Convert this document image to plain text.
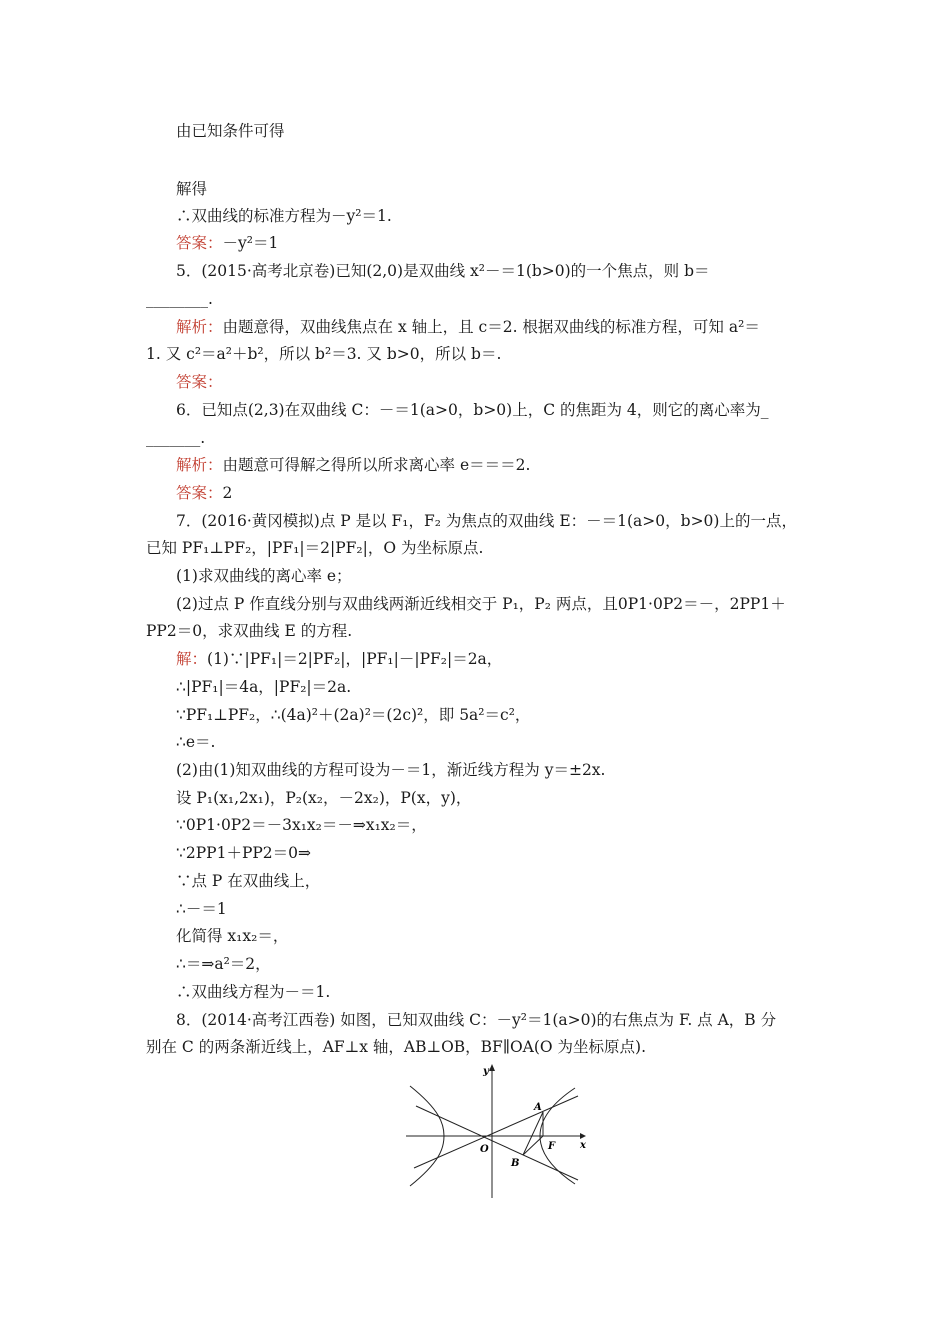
由已知条件可得
解得
∴双曲线的标准方程为－y²＝1.
答案：－y²＝1
5．(2015·高考北京卷)已知(2,0)是双曲线 x²－＝1(b>0)的一个焦点，则 b＝
________.
解析：由题意得，双曲线焦点在 x 轴上，且 c＝2. 根据双曲线的标准方程，可知 a²＝
1. 又 c²＝a²＋b²，所以 b²＝3. 又 b>0，所以 b＝.
答案：
6．已知点(2,3)在双曲线 C：－＝1(a>0，b>0)上，C 的焦距为 4，则它的离心率为_
_______.
解析：由题意可得解之得所以所求离心率 e＝＝＝2.
答案：2
7．(2016·黄冈模拟)点 P 是以 F₁，F₂ 为焦点的双曲线 E：－＝1(a>0，b>0)上的一点，
已知 PF₁⊥PF₂，|PF₁|＝2|PF₂|，O 为坐标原点.
(1)求双曲线的离心率 e；
(2)过点 P 作直线分别与双曲线两渐近线相交于 P₁，P₂ 两点，且0P1·0P2＝－，2PP1＋
PP2＝0，求双曲线 E 的方程.
解：(1)∵|PF₁|＝2|PF₂|，|PF₁|－|PF₂|＝2a，
∴|PF₁|＝4a，|PF₂|＝2a.
∵PF₁⊥PF₂，∴(4a)²＋(2a)²＝(2c)²，即 5a²＝c²，
∴e＝.
(2)由(1)知双曲线的方程可设为－＝1，渐近线方程为 y＝±2x.
设 P₁(x₁,2x₁)，P₂(x₂，－2x₂)，P(x，y)，
∵0P1·0P2＝－3x₁x₂＝－⇒x₁x₂＝，
∵2PP1＋PP2＝0⇒
∵点 P 在双曲线上，
∴－＝1
化简得 x₁x₂＝，
∴＝⇒a²＝2，
∴双曲线方程为－＝1.
8．(2014·高考江西卷) 如图，已知双曲线 C：－y²＝1(a>0)的右焦点为 F. 点 A，B 分
别在 C 的两条渐近线上，AF⊥x 轴，AB⊥OB，BF∥OA(O 为坐标原点).
y
x
O
A
B
F
